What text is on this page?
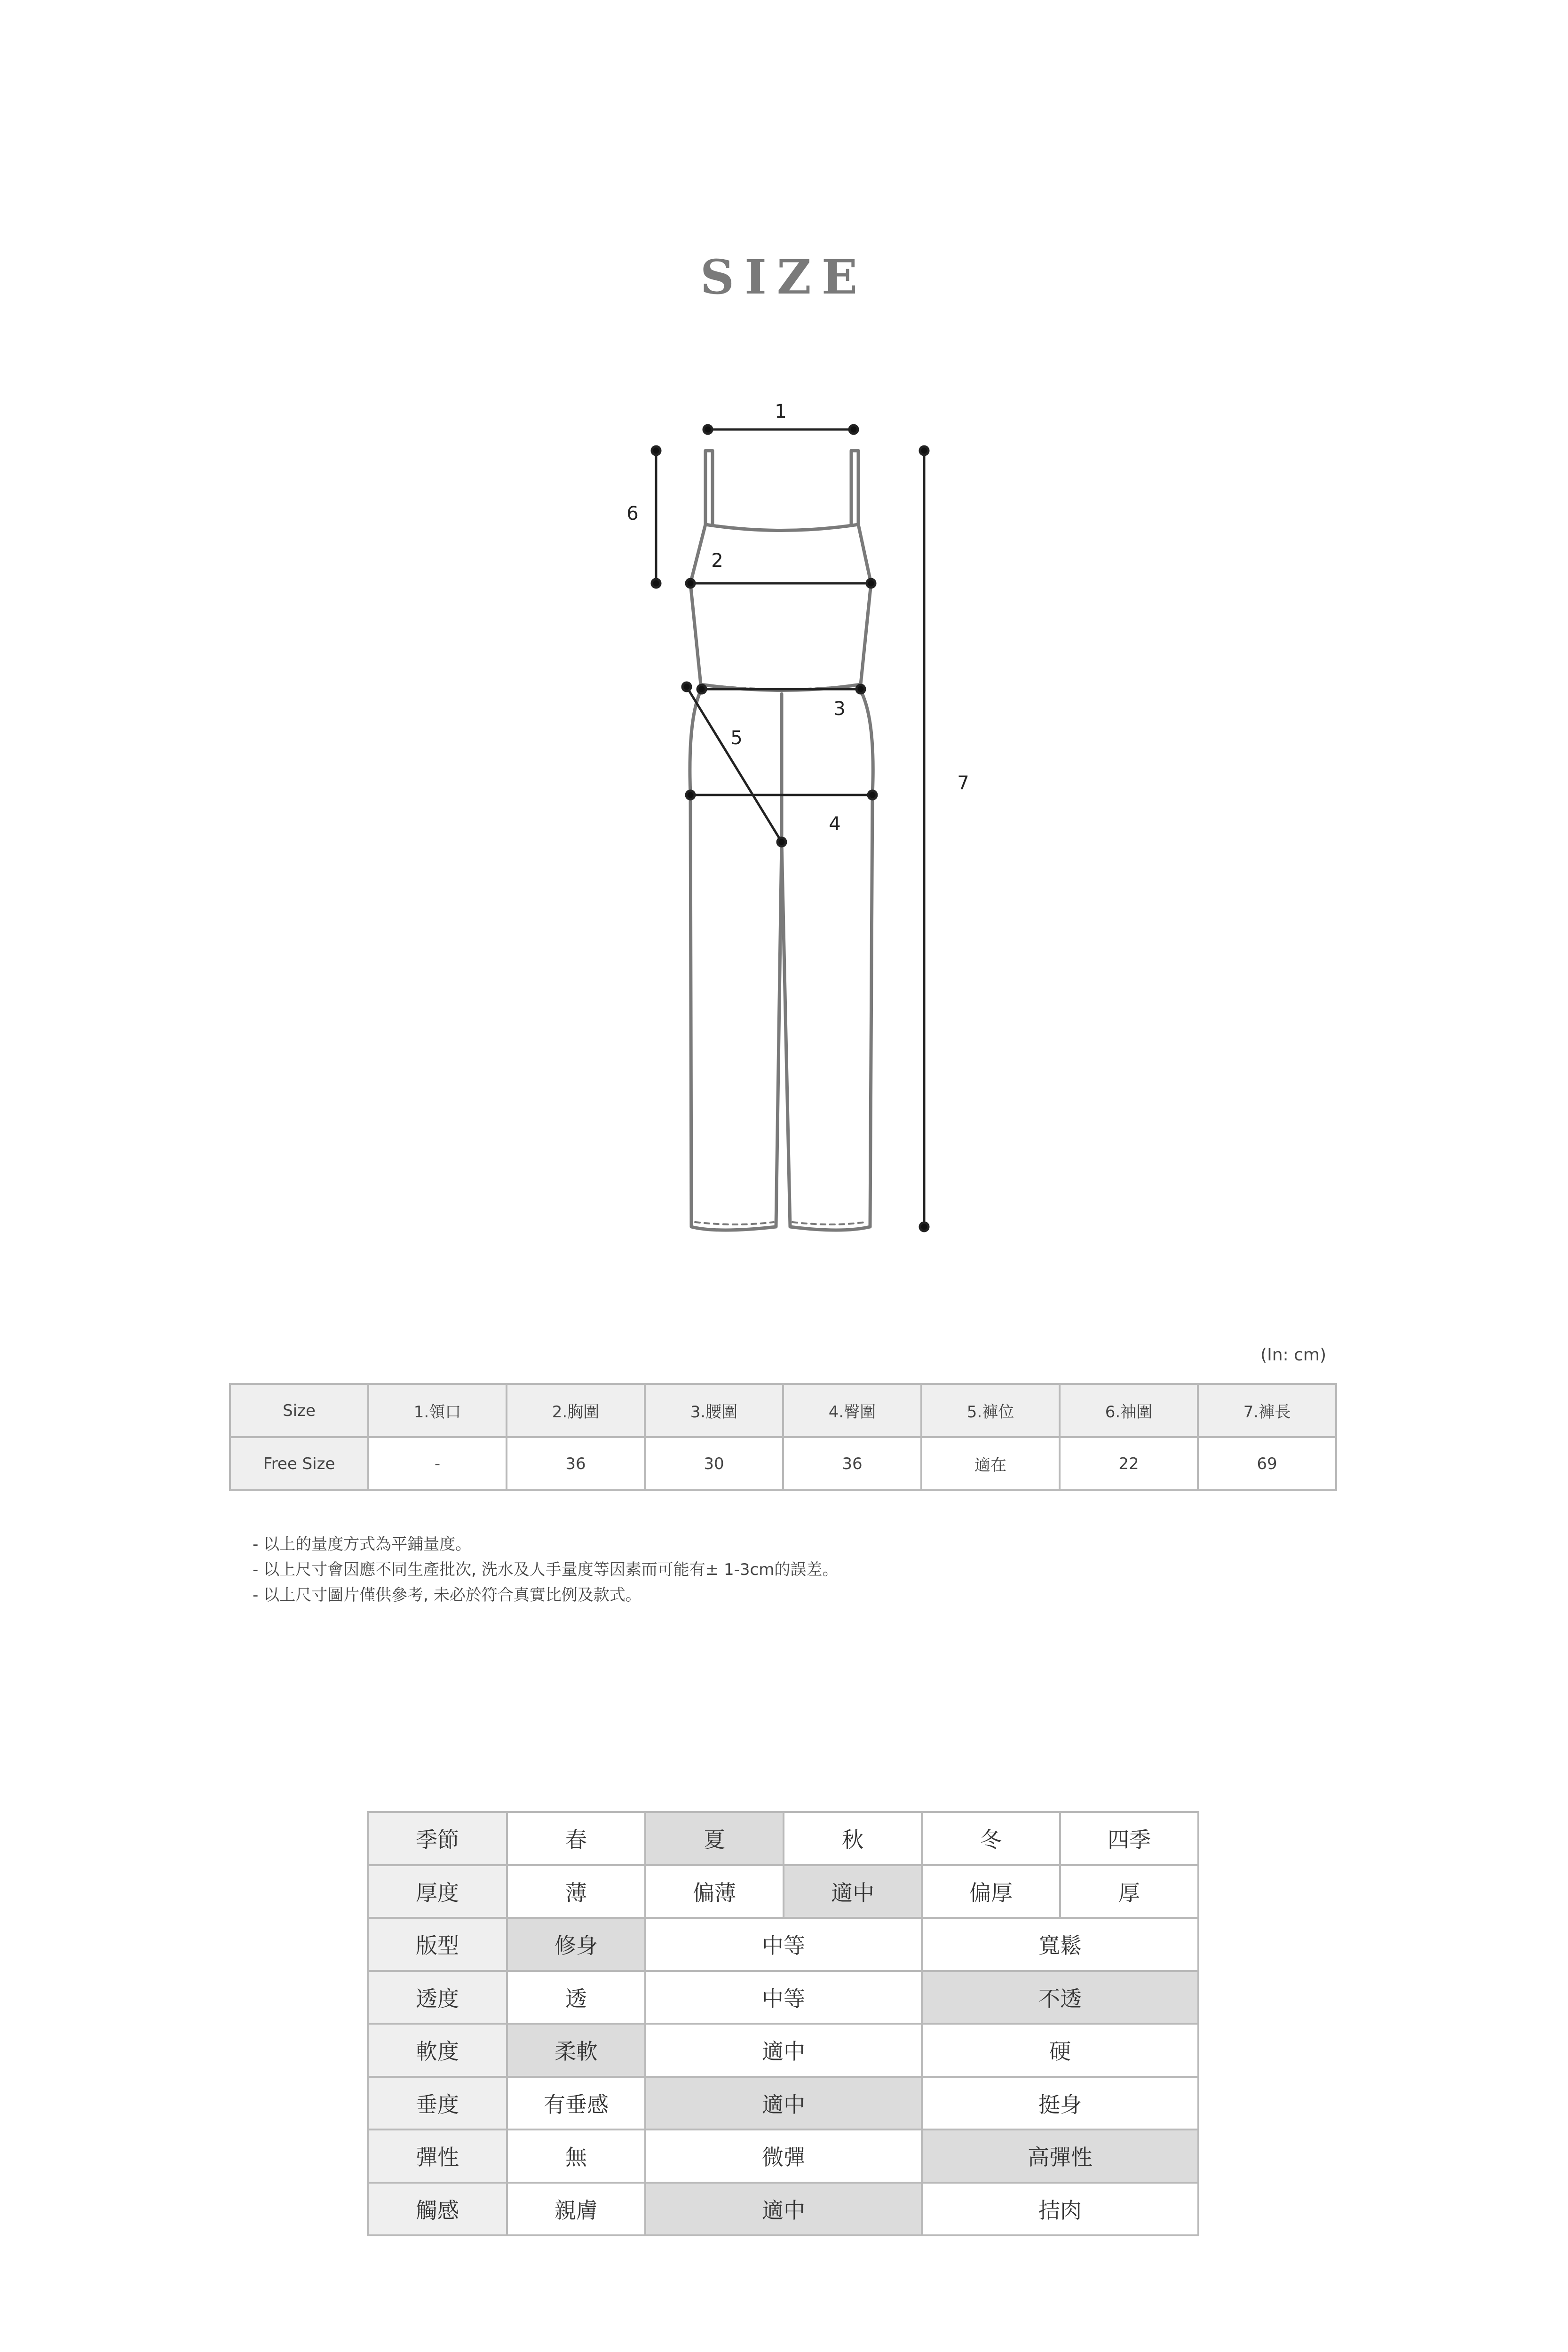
SIZE
1
2
3
4
5
6
7
(In: cm)
Size	1.領口	2.胸圍	3.腰圍	4.臀圍	5.褲位	6.袖圍	7.褲長
Free Size	-	36	30	36	適在	22	69
- 以上的量度方式為平鋪量度。
- 以上尺寸會因應不同生產批次, 洗水及人手量度等因素而可能有± 1-3cm的誤差。
- 以上尺寸圖片僅供參考, 未必於符合真實比例及款式。
季節	春	夏	秋	冬	四季
厚度	薄	偏薄	適中	偏厚	厚
版型	修身	中等		寬鬆	
透度	透	中等		不透	
軟度	柔軟	適中		硬	
垂度	有垂感	適中		挺身	
彈性	無	微彈		高彈性	
觸感	親膚	適中		拮肉	
